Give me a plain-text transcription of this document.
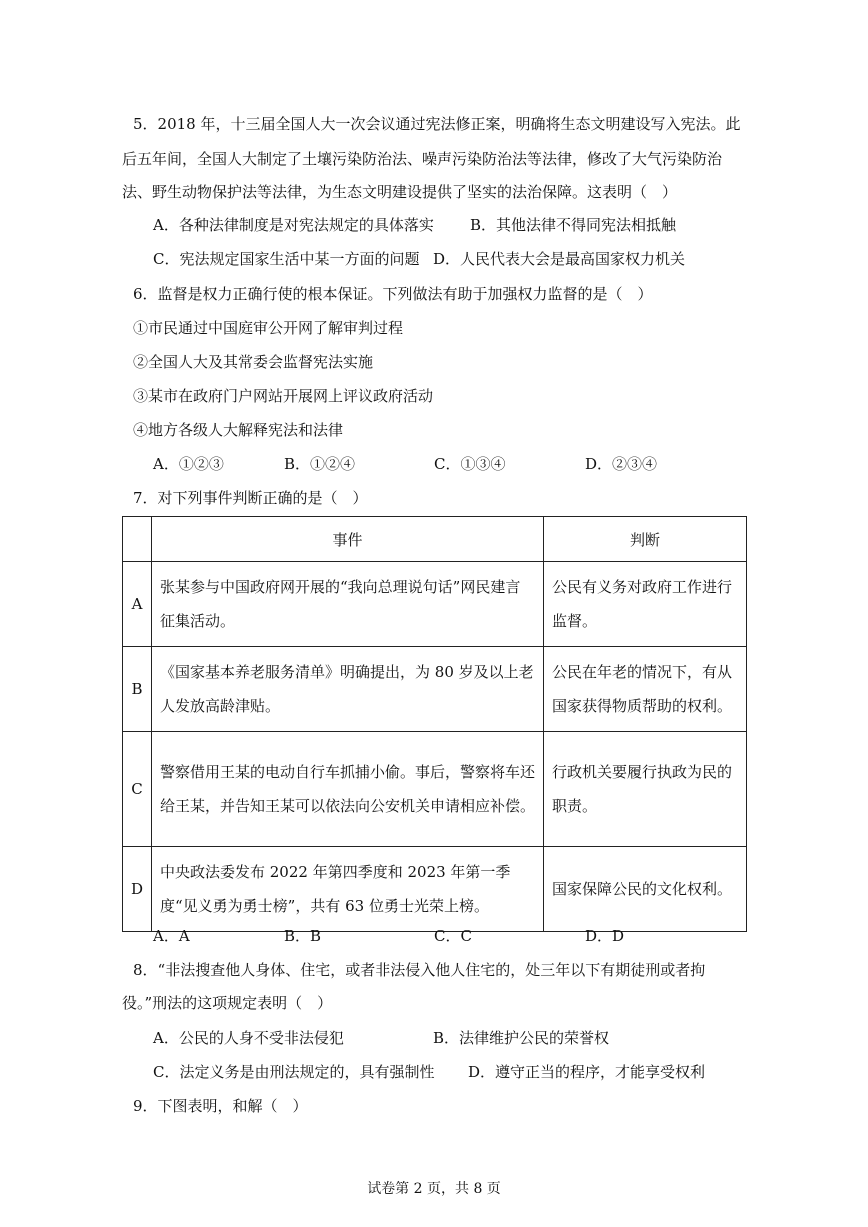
5．2018 年，十三届全国人大一次会议通过宪法修正案，明确将生态文明建设写入宪法。此
后五年间，全国人大制定了土壤污染防治法、噪声污染防治法等法律，修改了大气污染防治
法、野生动物保护法等法律，为生态文明建设提供了坚实的法治保障。这表明（　）
A．各种法律制度是对宪法规定的具体落实 B．其他法律不得同宪法相抵触
C．宪法规定国家生活中某一方面的问题 D．人民代表大会是最高国家权力机关
6．监督是权力正确行使的根本保证。下列做法有助于加强权力监督的是（　）
①市民通过中国庭审公开网了解审判过程
②全国人大及其常委会监督宪法实施
③某市在政府门户网站开展网上评议政府活动
④地方各级人大解释宪法和法律
A．①②③	B．①②④	C．①③④	D．②③④
7．对下列事件判断正确的是（　）
	事件	判断
A	张某参与中国政府网开展的“我向总理说句话”网民建言征集活动。	公民有义务对政府工作进行监督。

B	《国家基本养老服务清单》明确提出，为 80 岁及以上老人发放高龄津贴。	公民在年老的情况下，有从国家获得物质帮助的权利。

C	警察借用王某的电动自行车抓捕小偷。事后，警察将车还给王某，并告知王某可以依法向公安机关申请相应补偿。	行政机关要履行执政为民的职责。

D	中央政法委发布 2022 年第四季度和 2023 年第一季度“见义勇为勇士榜”，共有 63 位勇士光荣上榜。	国家保障公民的文化权利。
A．A	B．B	C．C	D．D
8．“非法搜查他人身体、住宅，或者非法侵入他人住宅的，处三年以下有期徒刑或者拘
役。”刑法的这项规定表明（　）
A．公民的人身不受非法侵犯	B．法律维护公民的荣誉权
C．法定义务是由刑法规定的，具有强制性 D．遵守正当的程序，才能享受权利
9．下图表明，和解（　）
试卷第 2 页，共 8 页
